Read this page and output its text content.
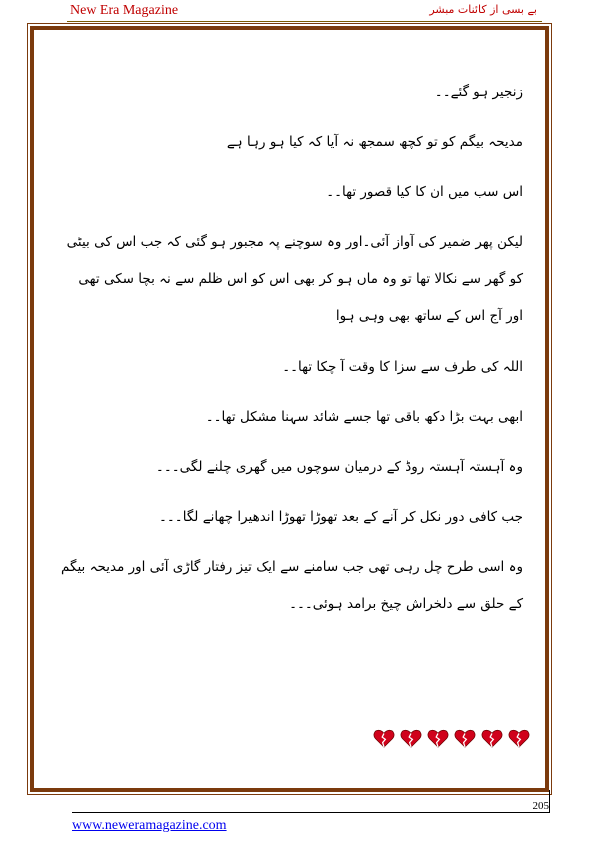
New Era Magazine	بے بسی از کائنات مبشر

زنجیر ہو گئے۔۔

مدیحہ بیگم کو تو کچھ سمجھ نہ آیا کہ کیا ہو رہا ہے

اس سب میں ان کا کیا قصور تھا۔۔

لیکن پھر ضمیر کی آواز آئی۔اور وہ سوچنے پہ مجبور ہو گئی کہ جب اس کی بیٹی کو گھر سے نکالا تھا تو وہ ماں ہو کر بھی اس کو اس ظلم سے نہ بچا سکی تھی اور آج اس کے ساتھ بھی وہی ہوا

اللہ کی طرف سے سزا کا وقت آ چکا تھا۔۔

ابھی بہت بڑا دکھ باقی تھا جسے شائد سہنا مشکل تھا۔۔

وہ آہستہ آہستہ روڈ کے درمیان سوچوں میں گھری چلنے لگی۔۔۔

جب کافی دور نکل کر آنے کے بعد تھوڑا تھوڑا اندھیرا چھانے لگا۔۔۔

وہ اسی طرح چل رہی تھی جب سامنے سے ایک تیز رفتار گاڑی آئی اور مدیحہ بیگم کے حلق سے دلخراش چیخ برامد ہوئی۔۔۔

205
www.neweramagazine.com
